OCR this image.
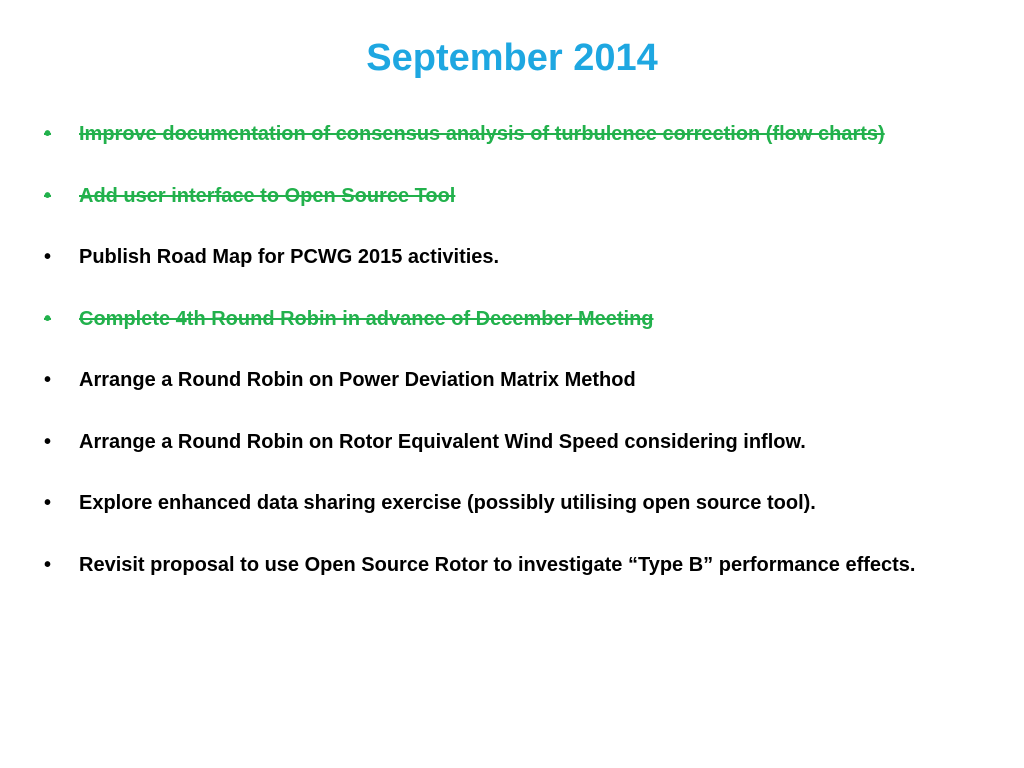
September 2014
•	Improve documentation of consensus analysis of turbulence correction (flow charts)
•	Add user interface to Open Source Tool
•	Publish Road Map for PCWG 2015 activities.
•	Complete 4th Round Robin in advance of December Meeting
•	Arrange a Round Robin on Power Deviation Matrix Method
•	Arrange a Round Robin on Rotor Equivalent Wind Speed considering inflow.
•	Explore enhanced data sharing exercise (possibly utilising open source tool).
•	Revisit proposal to use Open Source Rotor to investigate “Type B” performance effects.
